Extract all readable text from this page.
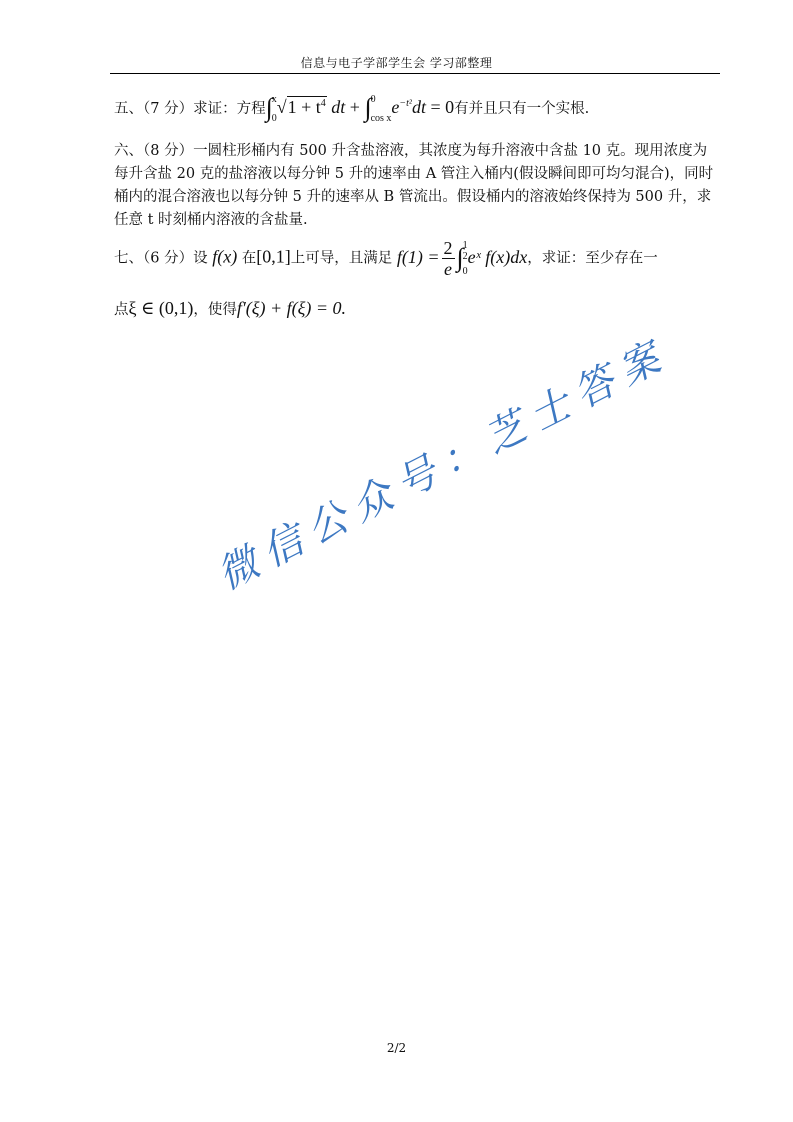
信息与电子学部学生会 学习部整理
五、（7 分）求证：方程∫ x
0
$√1 + t^4$ dt + ∫ 0
cos x
$e^{-t^2}dt = 0$有并且只有一个实根.
六、（8 分）一圆柱形桶内有 500 升含盐溶液，其浓度为每升溶液中含盐 10 克。现用浓度为每升含盐 20 克的盐溶液以每分钟 5 升的速率由 A 管注入桶内(假设瞬间即可均匀混合)，同时桶内的混合溶液也以每分钟 5 升的速率从 B 管流出。假设桶内的溶液始终保持为 500 升，求任意 t 时刻桶内溶液的含盐量.
七、（6 分）设 f(x) 在[0,1]上可导，且满足 $f(1) = \frac{2}{e}$ ∫ 1
2
0
eˣ f(x)dx，求证：至少存在一
点ξ ∈ (0,1)，使得f′(ξ) + f(ξ) = 0.
微信公众号：芝士答案
2/2
